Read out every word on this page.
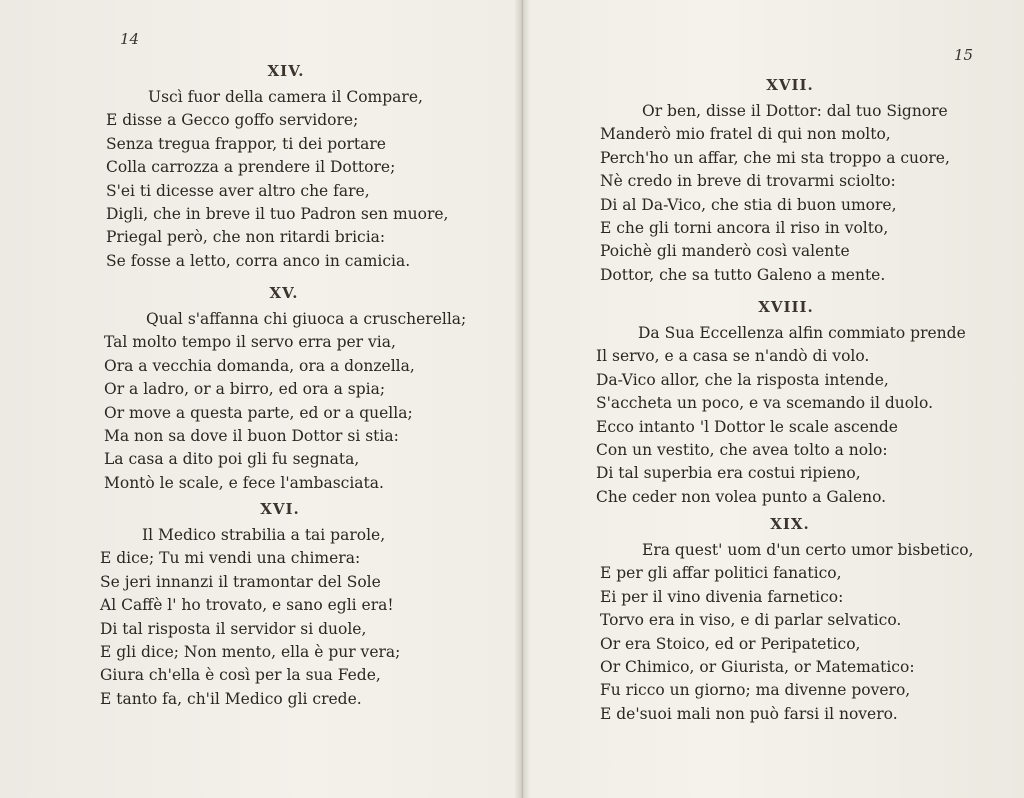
14
XIV.
Uscì fuor della camera il Compare,
E disse a Gecco goffo servidore;
Senza tregua frappor, ti dei portare
Colla carrozza a prendere il Dottore;
S'ei ti dicesse aver altro che fare,
Digli, che in breve il tuo Padron sen muore,
Priegal però, che non ritardi bricia:
Se fosse a letto, corra anco in camicia.
XV.
Qual s'affanna chi giuoca a cruscherella;
Tal molto tempo il servo erra per via,
Ora a vecchia domanda, ora a donzella,
Or a ladro, or a birro, ed ora a spia;
Or move a questa parte, ed or a quella;
Ma non sa dove il buon Dottor si stia:
La casa a dito poi gli fu segnata,
Montò le scale, e fece l'ambasciata.
XVI.
Il Medico strabilia a tai parole,
E dice; Tu mi vendi una chimera:
Se jeri innanzi il tramontar del Sole
Al Caffè l' ho trovato, e sano egli era!
Di tal risposta il servidor si duole,
E gli dice; Non mento, ella è pur vera;
Giura ch'ella è così per la sua Fede,
E tanto fa, ch'il Medico gli crede.
15
XVII.
Or ben, disse il Dottor: dal tuo Signore
Manderò mio fratel di qui non molto,
Perch'ho un affar, che mi sta troppo a cuore,
Nè credo in breve di trovarmi sciolto:
Di al Da-Vico, che stia di buon umore,
E che gli torni ancora il riso in volto,
Poichè gli manderò così valente
Dottor, che sa tutto Galeno a mente.
XVIII.
Da Sua Eccellenza alfin commiato prende
Il servo, e a casa se n'andò di volo.
Da-Vico allor, che la risposta intende,
S'accheta un poco, e va scemando il duolo.
Ecco intanto 'l Dottor le scale ascende
Con un vestito, che avea tolto a nolo:
Di tal superbia era costui ripieno,
Che ceder non volea punto a Galeno.
XIX.
Era quest' uom d'un certo umor bisbetico,
E per gli affar politici fanatico,
Ei per il vino divenia farnetico:
Torvo era in viso, e di parlar selvatico.
Or era Stoico, ed or Peripatetico,
Or Chimico, or Giurista, or Matematico:
Fu ricco un giorno; ma divenne povero,
E de'suoi mali non può farsi il novero.
